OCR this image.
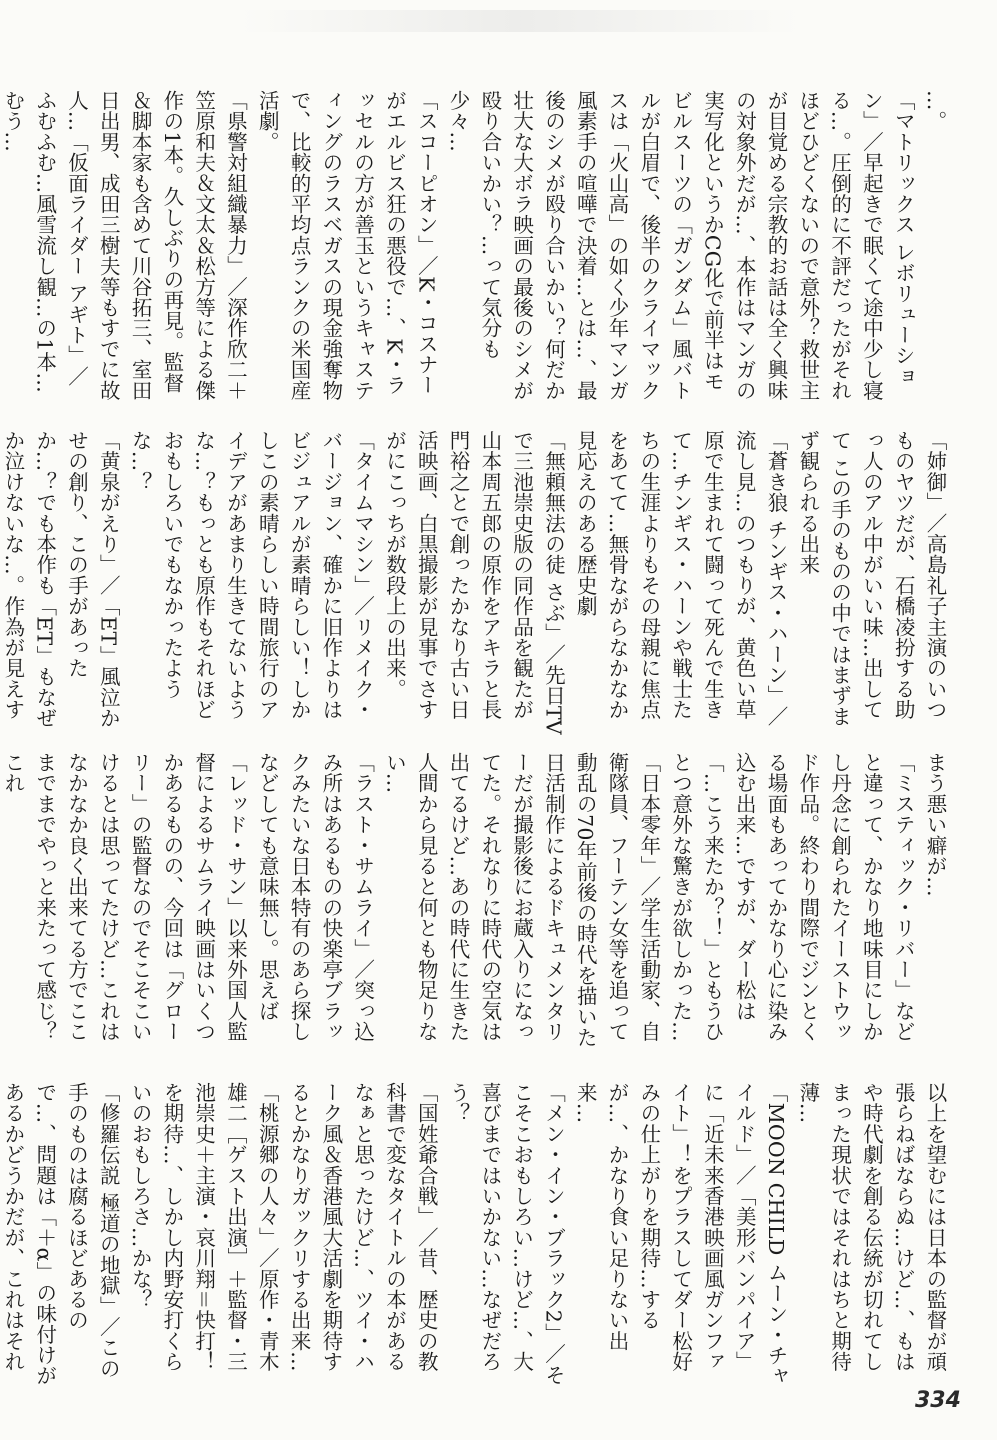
…。

「マトリックス レボリューション」／早起きで眠くて途中少し寝る…。圧倒的に不評だったがそれほどひどくないので意外？救世主が目覚める宗教的お話は全く興味の対象外だが…、本作はマンガの実写化というかCG化で前半はモビルスーツの「ガンダム」風バトルが白眉で、後半のクライマックスは「火山高」の如く少年マンガ風素手の喧嘩で決着…とは…、最後のシメが殴り合いかい？何だか壮大な大ボラ映画の最後のシメが殴り合いかい？…って気分も少々…

「スコーピオン」／K・コスナーがエルビス狂の悪役で…、K・ラッセルの方が善玉というキャスティングのラスベガスの現金強奪物で、比較的平均点ランクの米国産活劇。

「県警対組織暴力」／深作欣二＋笠原和夫＆文太＆松方等による傑作の1本。久しぶりの再見。監督＆脚本家も含めて川谷拓三、室田日出男、成田三樹夫等もすでに故人…「仮面ライダー アギト」／ふむふむ…風雪流し観…の1本…むう…

「姉御」／高島礼子主演のいつものヤツだが、石橋凌扮する助っ人のアル中がいい味…出してて この手のものの中ではまずまず観られる出来

「蒼き狼 チンギス・ハーン」／流し見…のつもりが、黄色い草原で生まれて闘って死んで生きて…チンギス・ハーンや戦士たちの生涯よりもその母親に焦点をあてて…無骨ながらなかなか見応えのある歴史劇

「無頼無法の徒 さぶ」／先日TVで三池崇史版の同作品を観たが山本周五郎の原作をアキラと長門裕之とで創ったかなり古い日活映画、白黒撮影が見事でさすがにこっちが数段上の出来。

「タイムマシン」／リメイク・バージョン、確かに旧作よりはビジュアルが素晴らしい！しかしこの素晴らしい時間旅行のアイデアがあまり生きてないような…？もっとも原作もそれほどおもしろいでもなかったような…？

「黄泉がえり」／「ET」風泣かせの創り、この手があったか…？でも本作も「ET」もなぜか泣けないな…。作為が見えす

まう悪い癖が…

「ミスティック・リバー」などと違って、かなり地味目にしかし丹念に創られたイーストウッド作品。終わり間際でジンとくる場面もあってかなり心に染み込む出来…ですが、ダー松は「…こう来たか？！」ともうひとつ意外な驚きが欲しかった…

「日本零年」／学生活動家、自衛隊員、フーテン女等を追って動乱の70年前後の時代を描いた日活制作によるドキュメンタリーだが撮影後にお蔵入りになってた。それなりに時代の空気は出てるけど…あの時代に生きた人間から見ると何とも物足りない…

「ラスト・サムライ」／突っ込み所はあるものの快楽亭ブラックみたいな日本特有のあら探しなどしても意味無し。思えば「レッド・サン」以来外国人監督によるサムライ映画はいくつかあるものの、今回は「グローリー」の監督なのでそこそこいけるとは思ってたけど…これはなかなか良く出来てる方でここまでまでやっと来たって感じ？これ

以上を望むには日本の監督が頑張らねばならぬ…けど…、もはや時代劇を創る伝統が切れてしまった現状ではそれはちと期待薄…

「MOON CHILD ムーン・チャイルド」／「美形バンパイア」に「近未来香港映画風ガンファイト」！をプラスしてダー松好みの仕上がりを期待…するが…、かなり食い足りない出来…

「メン・イン・ブラック2」／そこそこおもしろい…けど…、大喜びまではいかない…なぜだろう？

「国姓爺合戦」／昔、歴史の教科書で変なタイトルの本があるなぁと思ったけど…、ツイ・ハーク風＆香港風大活劇を期待するとかなりガックリする出来…

「桃源郷の人々」／原作・青木雄二［ゲスト出演］＋監督・三池崇史＋主演・哀川翔＝快打！を期待…、しかし内野安打くらいのおもしろさ…かな？

「修羅伝説 極道の地獄」／この手のものは腐るほどあるので…、問題は「＋α」の味付けがあるかどうかだが、これはそれ

334
